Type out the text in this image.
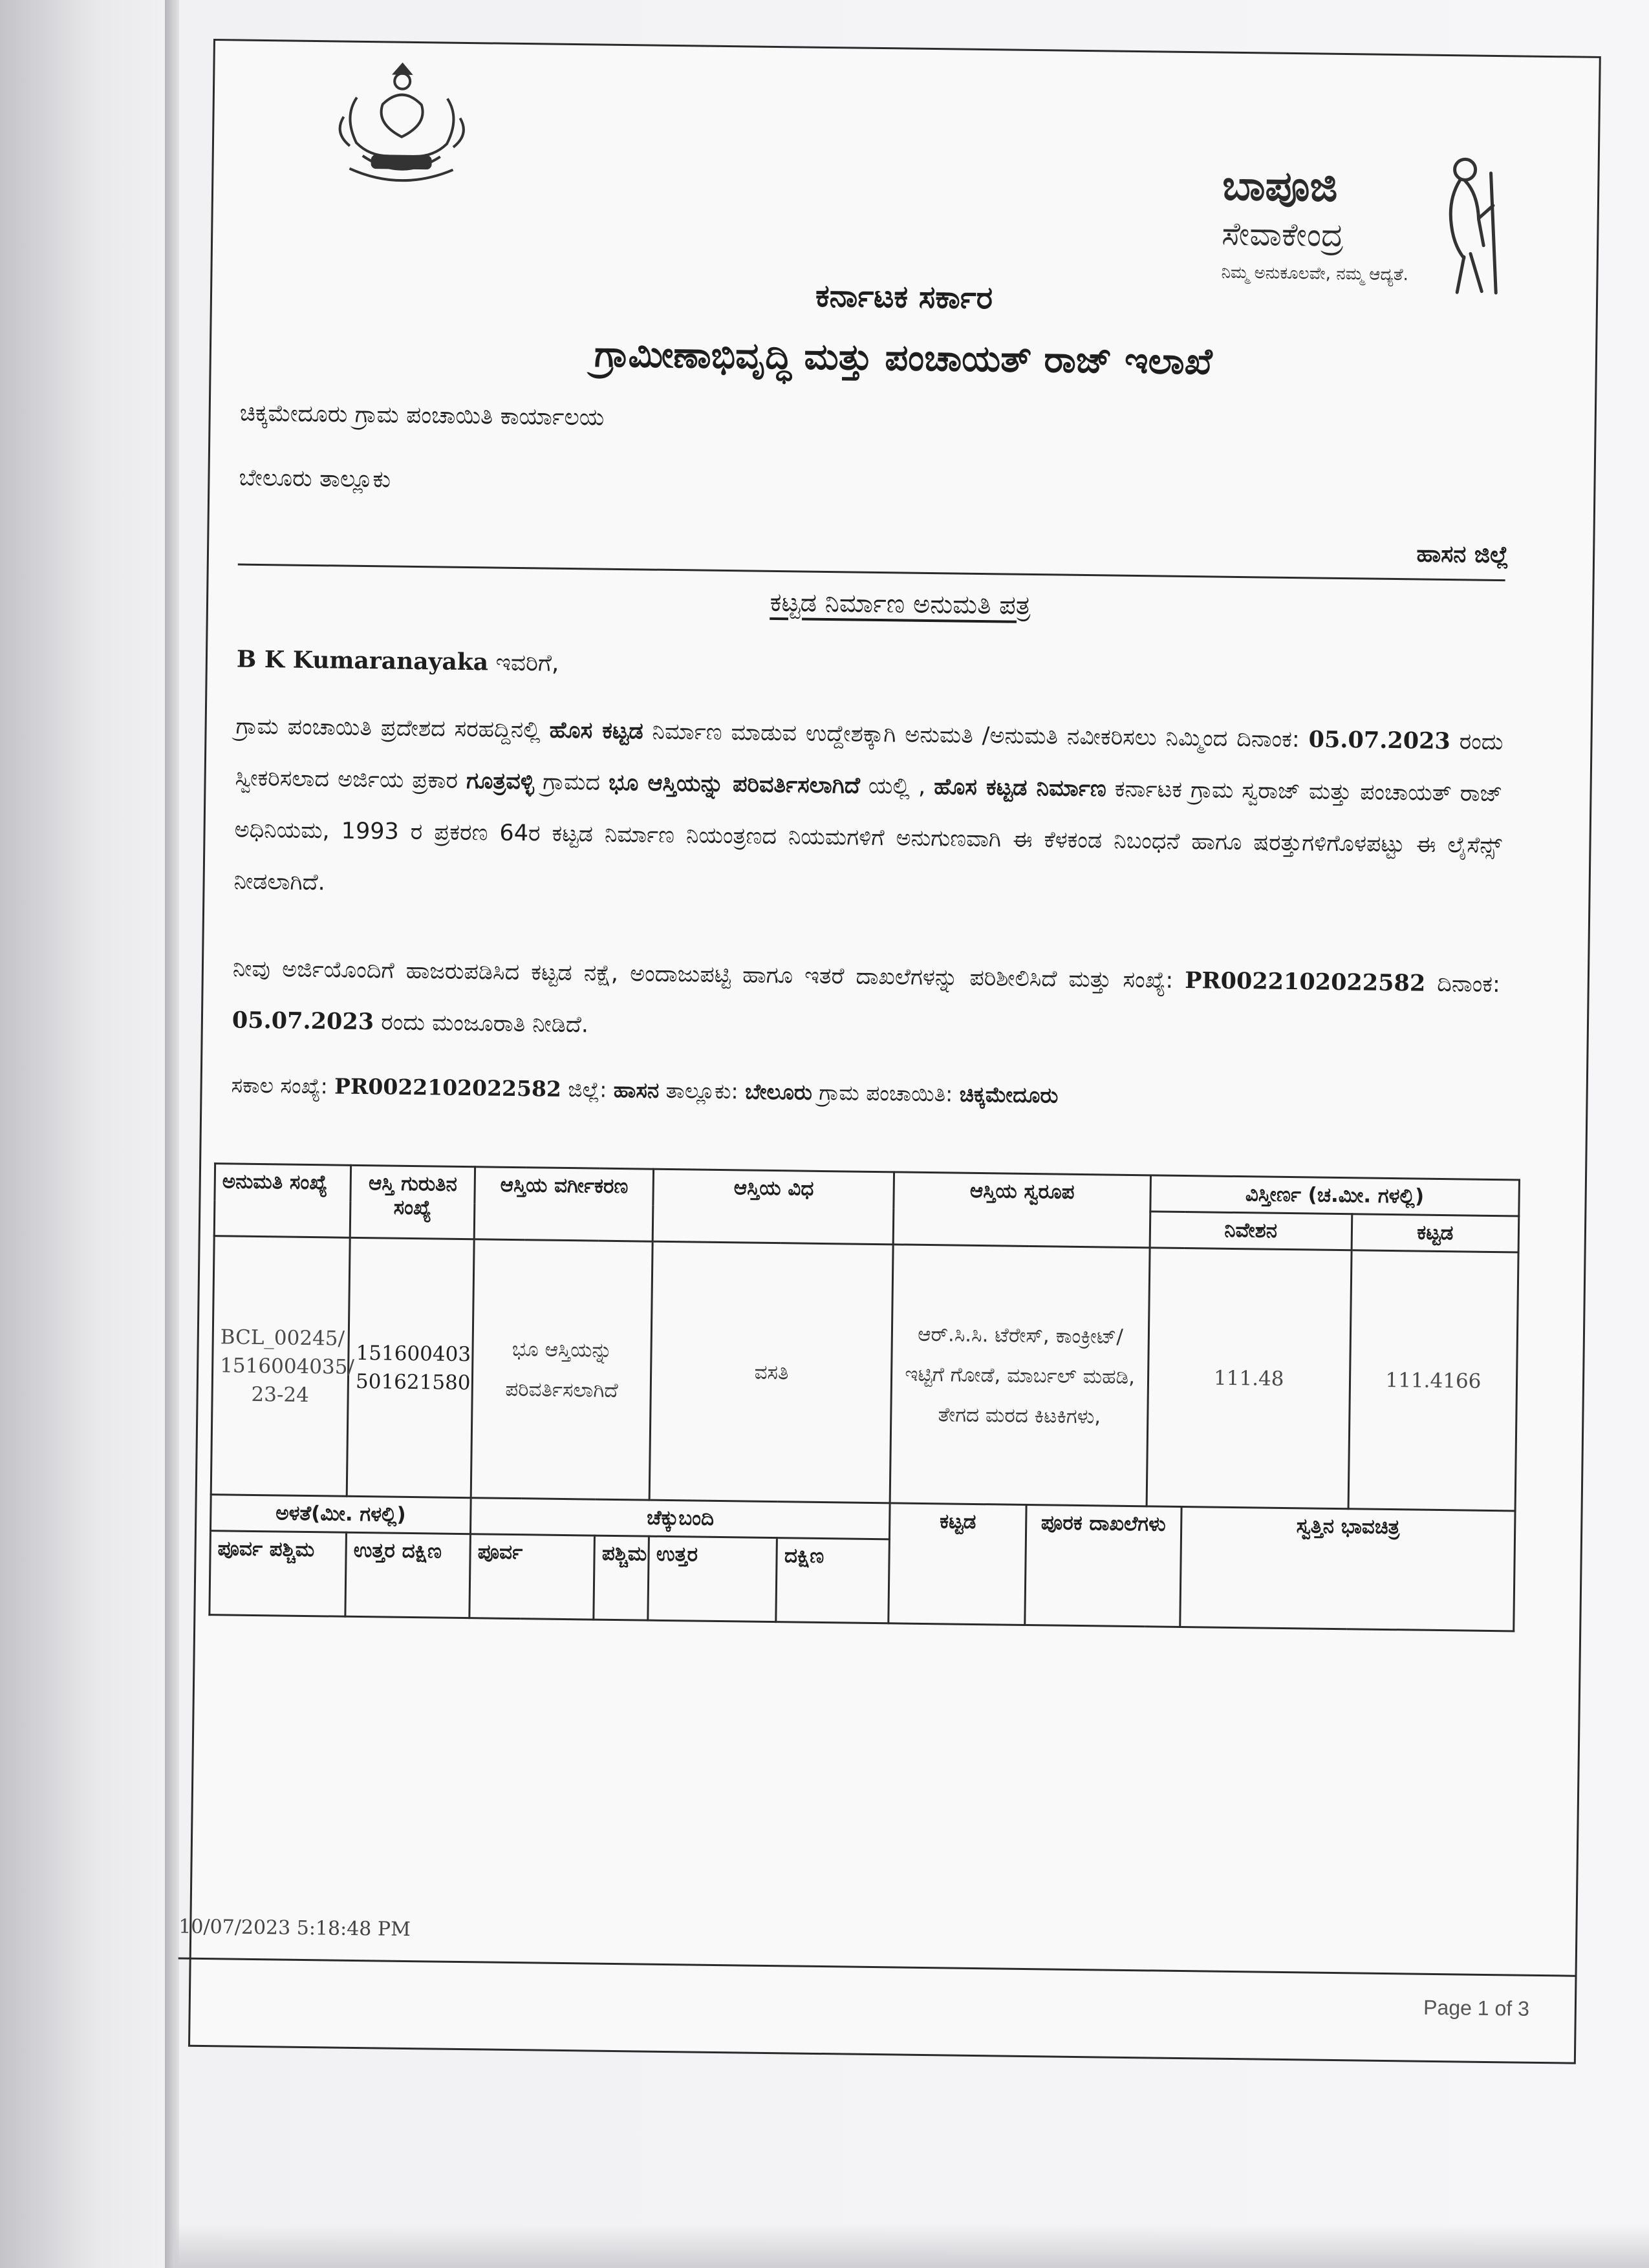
ಬಾಪೂಜಿ
ಸೇವಾಕೇಂದ್ರ
ನಿಮ್ಮ ಅನುಕೂಲವೇ, ನಮ್ಮ ಆದ್ಯತೆ.
ಕರ್ನಾಟಕ ಸರ್ಕಾರ
ಗ್ರಾಮೀಣಾಭಿವೃದ್ಧಿ ಮತ್ತು ಪಂಚಾಯತ್ ರಾಜ್ ಇಲಾಖೆ
ಚಿಕ್ಕಮೇದೂರು ಗ್ರಾಮ ಪಂಚಾಯಿತಿ ಕಾರ್ಯಾಲಯ
ಬೇಲೂರು ತಾಲ್ಲೂಕು
ಹಾಸನ ಜಿಲ್ಲೆ
ಕಟ್ಟಡ ನಿರ್ಮಾಣ ಅನುಮತಿ ಪತ್ರ
B K Kumaranayaka ಇವರಿಗೆ,
ಗ್ರಾಮ ಪಂಚಾಯಿತಿ ಪ್ರದೇಶದ ಸರಹದ್ದಿನಲ್ಲಿ ಹೊಸ ಕಟ್ಟಡ ನಿರ್ಮಾಣ ಮಾಡುವ ಉದ್ದೇಶಕ್ಕಾಗಿ ಅನುಮತಿ /ಅನುಮತಿ ನವೀಕರಿಸಲು ನಿಮ್ಮಿಂದ ದಿನಾಂಕ: 05.07.2023 ರಂದು ಸ್ವೀಕರಿಸಲಾದ ಅರ್ಜಿಯ ಪ್ರಕಾರ ಗೂತ್ರವಳ್ಳಿ ಗ್ರಾಮದ ಭೂ ಆಸ್ತಿಯನ್ನು ಪರಿವರ್ತಿಸಲಾಗಿದೆ ಯಲ್ಲಿ , ಹೊಸ ಕಟ್ಟಡ ನಿರ್ಮಾಣ ಕರ್ನಾಟಕ ಗ್ರಾಮ ಸ್ವರಾಜ್ ಮತ್ತು ಪಂಚಾಯತ್ ರಾಜ್ ಅಧಿನಿಯಮ, 1993 ರ ಪ್ರಕರಣ 64ರ ಕಟ್ಟಡ ನಿರ್ಮಾಣ ನಿಯಂತ್ರಣದ ನಿಯಮಗಳಿಗೆ ಅನುಗುಣವಾಗಿ ಈ ಕೆಳಕಂಡ ನಿಬಂಧನೆ ಹಾಗೂ ಷರತ್ತುಗಳಿಗೊಳಪಟ್ಟು ಈ ಲೈಸೆನ್ಸ್ ನೀಡಲಾಗಿದೆ.
ನೀವು ಅರ್ಜಿಯೊಂದಿಗೆ ಹಾಜರುಪಡಿಸಿದ ಕಟ್ಟಡ ನಕ್ಷೆ, ಅಂದಾಜುಪಟ್ಟಿ ಹಾಗೂ ಇತರೆ ದಾಖಲೆಗಳನ್ನು ಪರಿಶೀಲಿಸಿದೆ ಮತ್ತು ಸಂಖ್ಯೆ: PR0022102022582 ದಿನಾಂಕ: 05.07.2023 ರಂದು ಮಂಜೂರಾತಿ ನೀಡಿದೆ.
ಸಕಾಲ ಸಂಖ್ಯೆ: PR0022102022582 ಜಿಲ್ಲೆ: ಹಾಸನ ತಾಲ್ಲೂಕು: ಬೇಲೂರು ಗ್ರಾಮ ಪಂಚಾಯಿತಿ: ಚಿಕ್ಕಮೇದೂರು
ಅನುಮತಿ ಸಂಖ್ಯೆ	ಆಸ್ತಿ ಗುರುತಿನ ಸಂಖ್ಯೆ	ಆಸ್ತಿಯ ವರ್ಗೀಕರಣ		ಆಸ್ತಿಯ ವಿಧ		ಆಸ್ತಿಯ ಸ್ವರೂಪ		ವಿಸ್ತೀರ್ಣ (ಚ.ಮೀ. ಗಳಲ್ಲಿ)		
								ನಿವೇಶನ		ಕಟ್ಟಡ
BCL_00245/ 1516004035/ 23-24	151600403 501621580	ಭೂ ಆಸ್ತಿಯನ್ನು ಪರಿವರ್ತಿಸಲಾಗಿದೆ		ವಸತಿ		ಆರ್.ಸಿ.ಸಿ. ಟೆರೇಸ್, ಕಾಂಕ್ರೀಟ್/ಇಟ್ಟಿಗೆ ಗೋಡೆ, ಮಾರ್ಬಲ್ ಮಹಡಿ, ತೇಗದ ಮರದ ಕಿಟಕಿಗಳು,		111.48		111.4166
ಅಳತೆ(ಮೀ. ಗಳಲ್ಲಿ)		ಚೆಕ್ಕುಬಂದಿ				ಕಟ್ಟಡ	ಪೂರಕ ದಾಖಲೆಗಳು		ಸ್ವತ್ತಿನ ಭಾವಚಿತ್ರ	
ಪೂರ್ವ ಪಶ್ಚಿಮ	ಉತ್ತರ ದಕ್ಷಿಣ	ಪೂರ್ವ	ಪಶ್ಚಿಮ	ಉತ್ತರ	ದಕ್ಷಿಣ					
10/07/2023 5:18:48 PM
Page 1 of 3
